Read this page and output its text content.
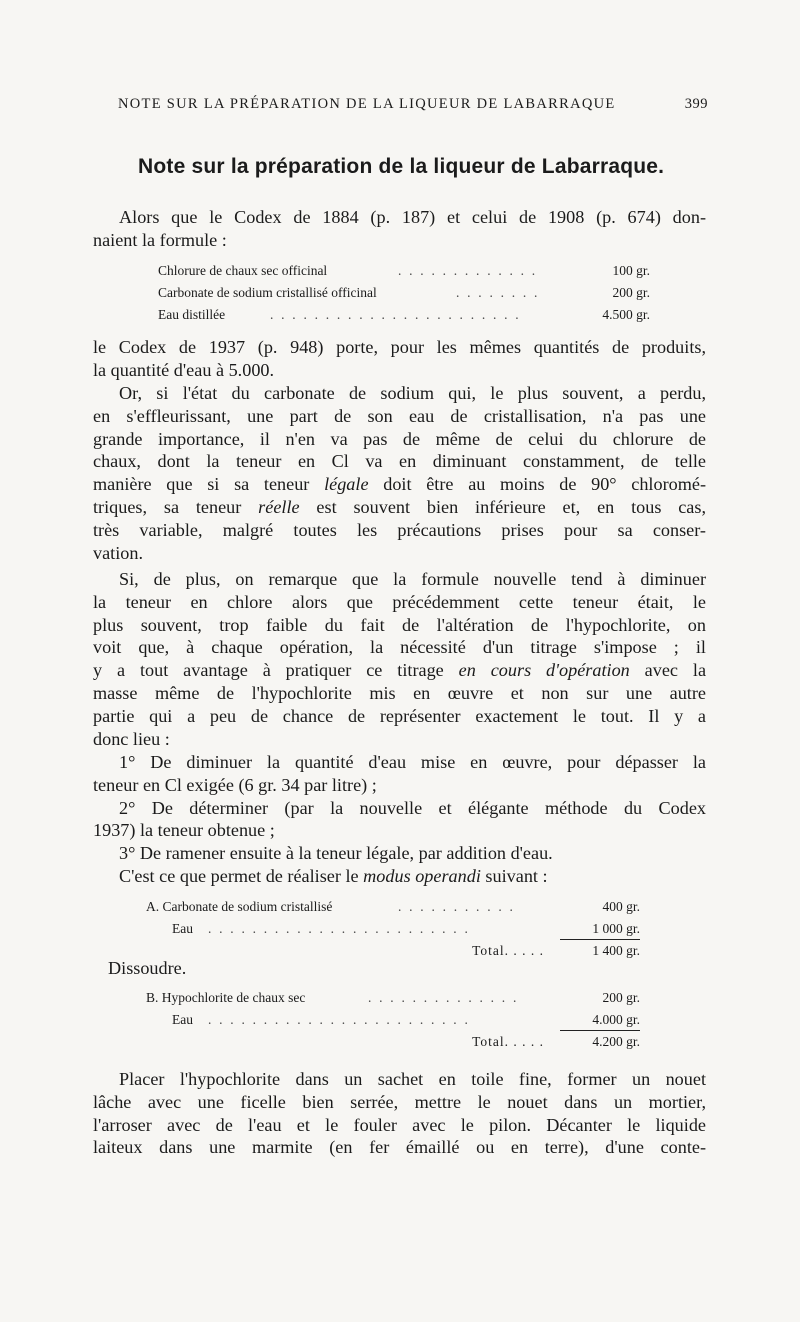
NOTE SUR LA PRÉPARATION DE LA LIQUEUR DE LABARRAQUE	399
Note sur la préparation de la liqueur de Labarraque.
Alors que le Codex de 1884 (p. 187) et celui de 1908 (p. 674) don-
naient la formule :
Chlorure de chaux sec officinal	. . . . . . . . . . . . .	100 gr.
Carbonate de sodium cristallisé officinal	. . . . . . . .	200 gr.
Eau distillée	. . . . . . . . . . . . . . . . . . . . . . .	4.500 gr.
le Codex de 1937 (p. 948) porte, pour les mêmes quantités de produits,
la quantité d'eau à 5.000.
Or, si l'état du carbonate de sodium qui, le plus souvent, a perdu,
en s'effleurissant, une part de son eau de cristallisation, n'a pas une
grande importance, il n'en va pas de même de celui du chlorure de
chaux, dont la teneur en Cl va en diminuant constamment, de telle
manière que si sa teneur légale doit être au moins de 90° chloromé-
triques, sa teneur réelle est souvent bien inférieure et, en tous cas,
très variable, malgré toutes les précautions prises pour sa conser-
vation.
Si, de plus, on remarque que la formule nouvelle tend à diminuer
la teneur en chlore alors que précédemment cette teneur était, le
plus souvent, trop faible du fait de l'altération de l'hypochlorite, on
voit que, à chaque opération, la nécessité d'un titrage s'impose ; il
y a tout avantage à pratiquer ce titrage en cours d'opération avec la
masse même de l'hypochlorite mis en œuvre et non sur une autre
partie qui a peu de chance de représenter exactement le tout. Il y a
donc lieu :
1° De diminuer la quantité d'eau mise en œuvre, pour dépasser la
teneur en Cl exigée (6 gr. 34 par litre) ;
2° De déterminer (par la nouvelle et élégante méthode du Codex
1937) la teneur obtenue ;
3° De ramener ensuite à la teneur légale, par addition d'eau.
C'est ce que permet de réaliser le modus operandi suivant :
A. Carbonate de sodium cristallisé	. . . . . . . . . . .	400 gr.
Eau . . . . . . . . . . . . . . . . . . . . . . . .	1 000 gr.
Total. . . . .	1 400 gr.
Dissoudre.
B. Hypochlorite de chaux sec	. . . . . . . . . . . . . .	200 gr.
Eau . . . . . . . . . . . . . . . . . . . . . . . .	4.000 gr.
Total. . . . .	4.200 gr.
Placer l'hypochlorite dans un sachet en toile fine, former un nouet
lâche avec une ficelle bien serrée, mettre le nouet dans un mortier,
l'arroser avec de l'eau et le fouler avec le pilon. Décanter le liquide
laiteux dans une marmite (en fer émaillé ou en terre), d'une conte-
